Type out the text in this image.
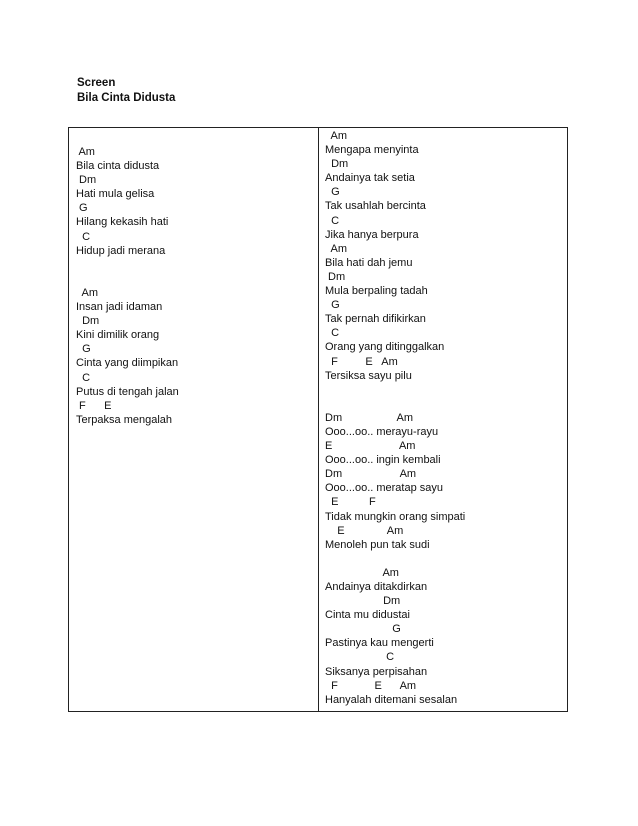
Screen
Bila Cinta Didusta
Am
Bila cinta didusta
Dm
Hati mula gelisa
G
Hilang kekasih hati
C
Hidup jadi merana
Am
Insan jadi idaman
Dm
Kini dimilik orang
G
Cinta yang diimpikan
C
Putus di tengah jalan
F      E
Terpaksa mengalah
Am
Mengapa menyinta
Dm
Andainya tak setia
G
Tak usahlah bercinta
C
Jika hanya berpura
Am
Bila hati dah jemu
Dm
Mula berpaling tadah
G
Tak pernah difikirkan
C
Orang yang ditinggalkan
F         E   Am
Tersiksa sayu pilu
Dm                  Am
Ooo...oo.. merayu-rayu
E                      Am
Ooo...oo.. ingin kembali
Dm                   Am
Ooo...oo.. meratap sayu
E          F
Tidak mungkin orang simpati
E              Am
Menoleh pun tak sudi
Am
Andainya ditakdirkan
Dm
Cinta mu didustai
G
Pastinya kau mengerti
C
Siksanya perpisahan
F            E      Am
Hanyalah ditemani sesalan
